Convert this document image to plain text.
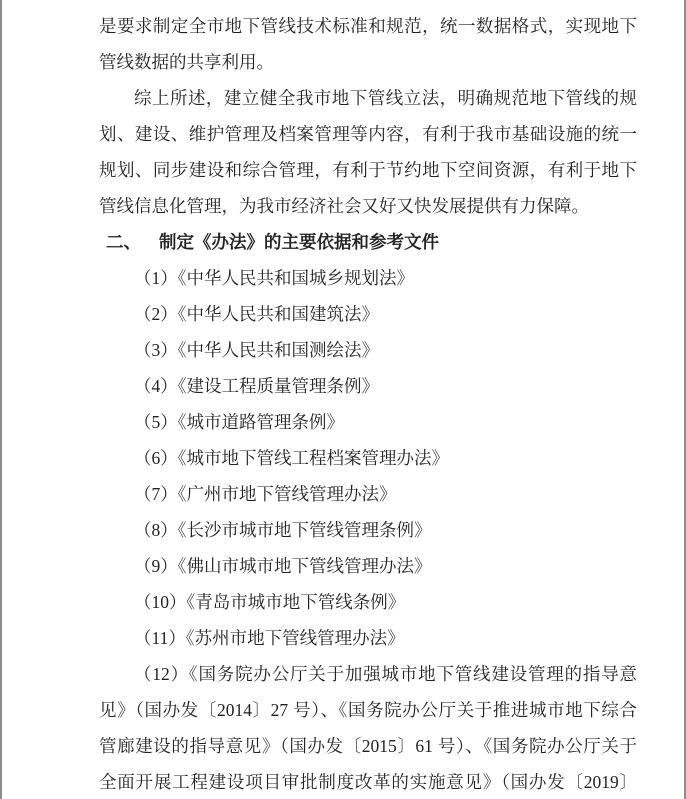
是要求制定全市地下管线技术标准和规范，统一数据格式，实现地下
管线数据的共享利用。
综上所述，建立健全我市地下管线立法，明确规范地下管线的规
划、建设、维护管理及档案管理等内容，有利于我市基础设施的统一
规划、同步建设和综合管理，有利于节约地下空间资源，有利于地下
管线信息化管理，为我市经济社会又好又快发展提供有力保障。
二、 制定《办法》的主要依据和参考文件
（1）《中华人民共和国城乡规划法》
（2）《中华人民共和国建筑法》
（3）《中华人民共和国测绘法》
（4）《建设工程质量管理条例》
（5）《城市道路管理条例》
（6）《城市地下管线工程档案管理办法》
（7）《广州市地下管线管理办法》
（8）《长沙市城市地下管线管理条例》
（9）《佛山市城市地下管线管理办法》
（10）《青岛市城市地下管线条例》
（11）《苏州市地下管线管理办法》
（12）《国务院办公厅关于加强城市地下管线建设管理的指导意
见》（国办发〔2014〕27 号）、《国务院办公厅关于推进城市地下综合
管廊建设的指导意见》（国办发〔2015〕61 号）、《国务院办公厅关于
全面开展工程建设项目审批制度改革的实施意见》（国办发〔2019〕
